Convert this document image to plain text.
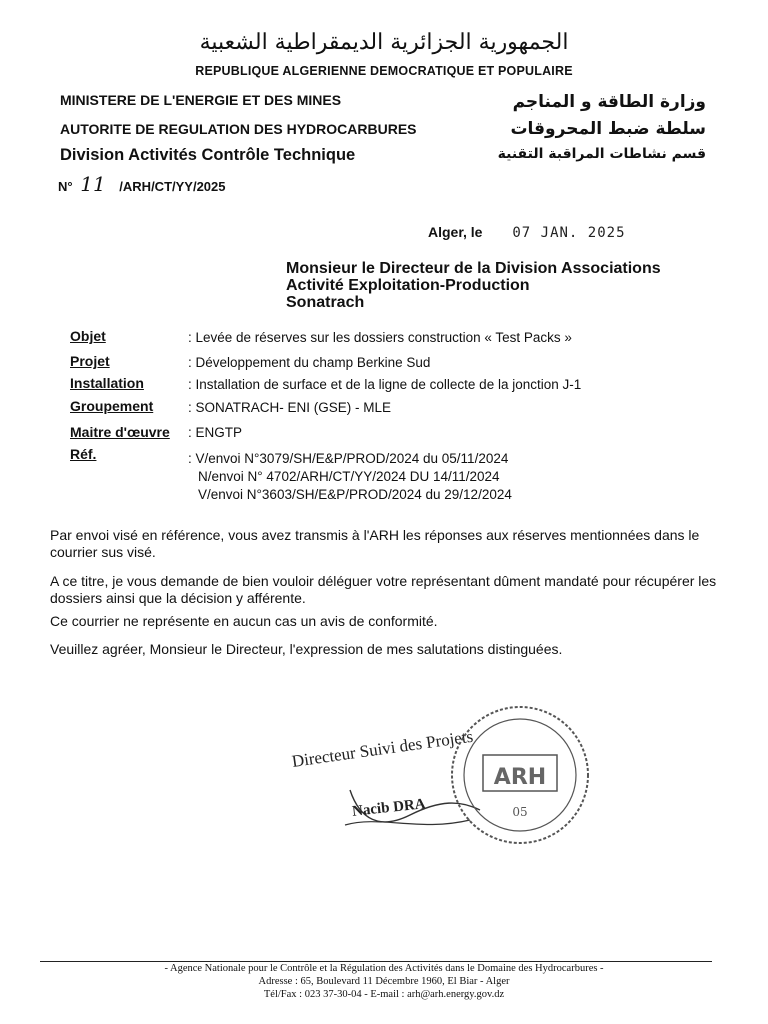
الجمهورية الجزائرية الديمقراطية الشعبية
REPUBLIQUE ALGERIENNE DEMOCRATIQUE ET POPULAIRE
MINISTERE DE L'ENERGIE ET DES MINES	وزارة الطاقة و المناجم
AUTORITE DE REGULATION DES HYDROCARBURES	سلطة ضبط المحروقات
Division Activités Contrôle Technique	قسم نشاطات المراقبة التقنية
N° 11 /ARH/CT/YY/2025
Alger, le 07 JAN. 2025
Monsieur le Directeur de la Division Associations
Activité Exploitation-Production
Sonatrach
Objet	: Levée de réserves sur les dossiers construction « Test Packs »
Projet	: Développement du champ Berkine Sud
Installation	: Installation de surface et de la ligne de collecte de la jonction J-1
Groupement	: SONATRACH- ENI (GSE) - MLE
Maitre d'œuvre : ENGTP
Réf.	: V/envoi N°3079/SH/E&P/PROD/2024 du 05/11/2024
N/envoi N° 4702/ARH/CT/YY/2024 DU 14/11/2024
V/envoi N°3603/SH/E&P/PROD/2024 du 29/12/2024
Par envoi visé en référence, vous avez transmis à l'ARH les réponses aux réserves mentionnées dans le courrier sus visé.
A ce titre, je vous demande de bien vouloir déléguer votre représentant dûment mandaté pour récupérer les dossiers ainsi que la décision y afférente.
Ce courrier ne représente en aucun cas un avis de conformité.
Veuillez agréer, Monsieur le Directeur, l'expression de mes salutations distinguées.
Directeur Suivi des Projets
Nacib DRA	05
ARH
- Agence Nationale pour le Contrôle et la Régulation des Activités dans le Domaine des Hydrocarbures -
Adresse : 65, Boulevard 11 Décembre 1960, El Biar - Alger
Tél/Fax : 023 37-30-04 - E-mail : arh@arh.energy.gov.dz
